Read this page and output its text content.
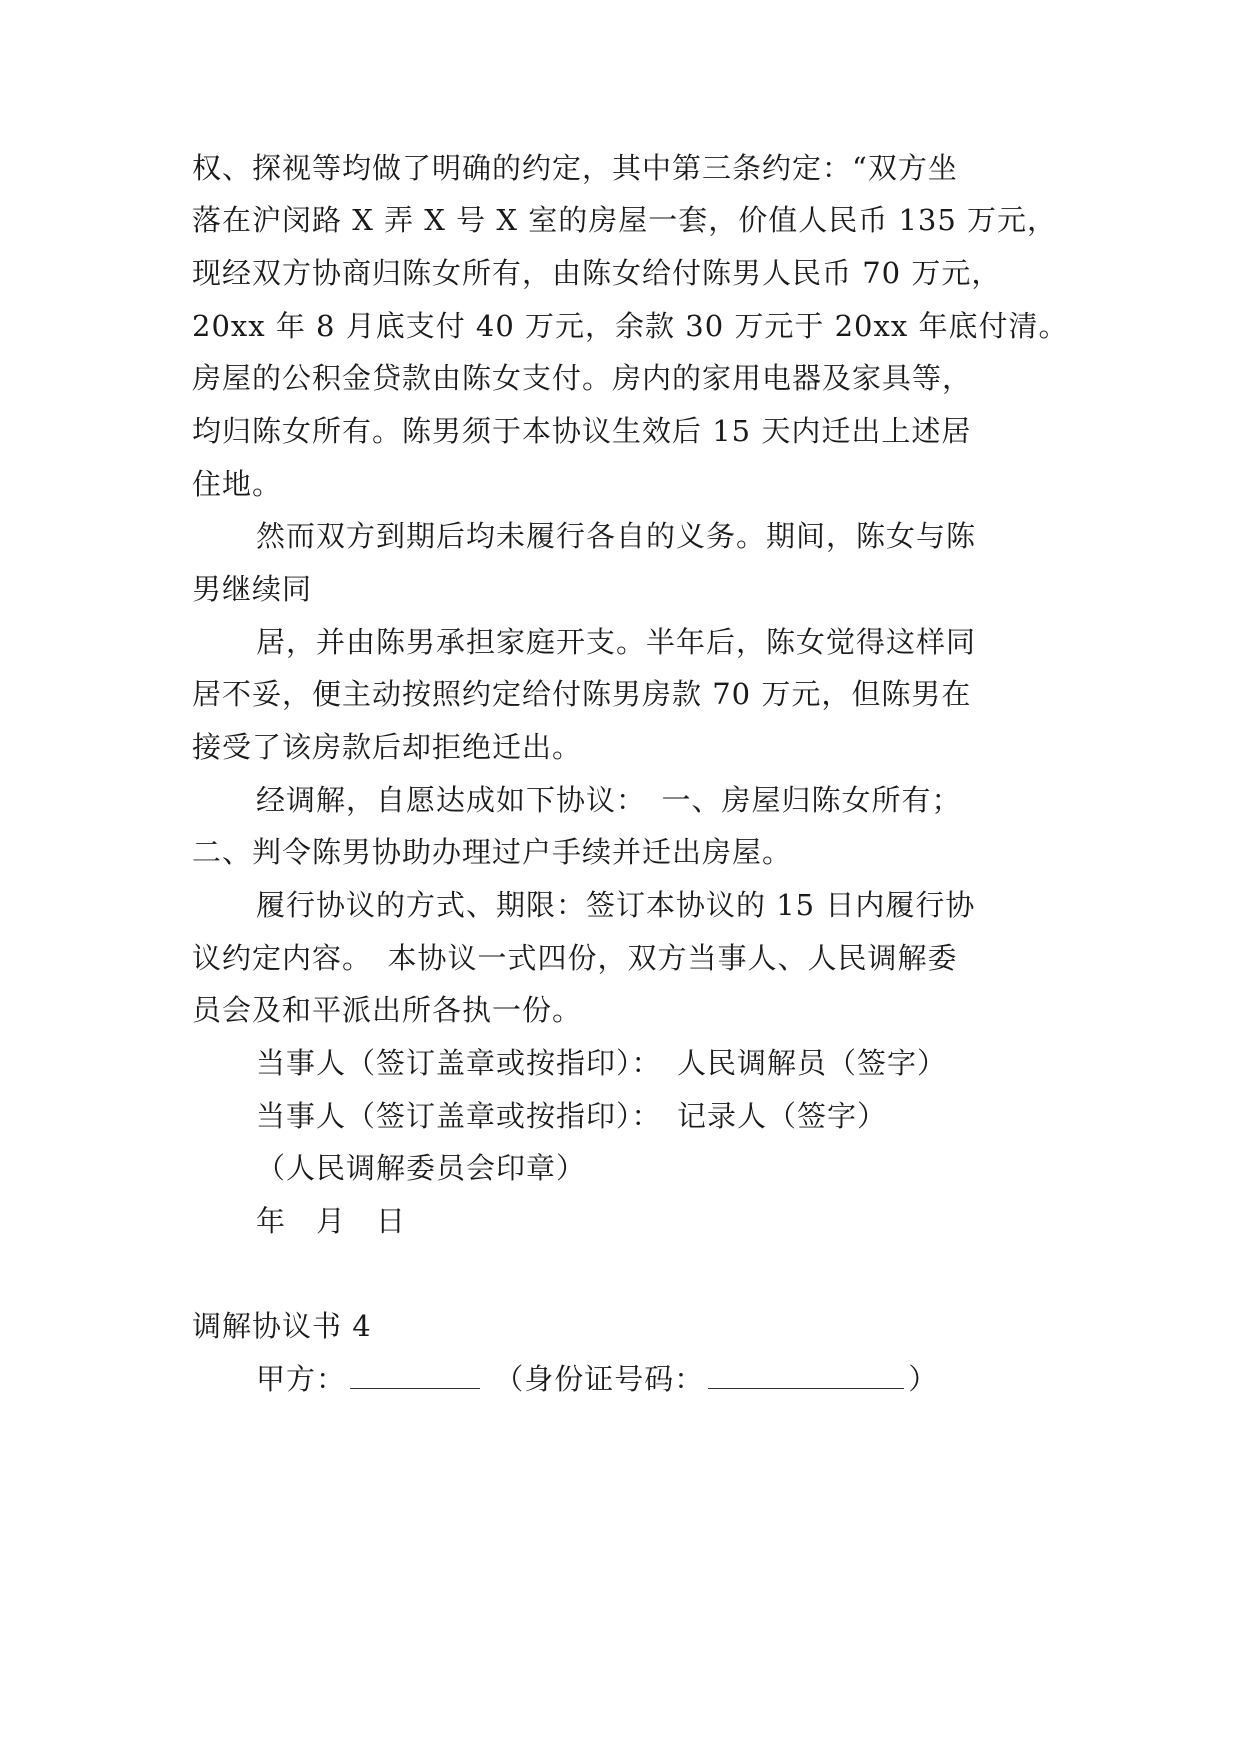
权、探视等均做了明确的约定，其中第三条约定：“双方坐
落在沪闵路 X 弄 X 号 X 室的房屋一套，价值人民币 135 万元，
现经双方协商归陈女所有，由陈女给付陈男人民币 70 万元，
20xx 年 8 月底支付 40 万元，余款 30 万元于 20xx 年底付清。
房屋的公积金贷款由陈女支付。房内的家用电器及家具等，
均归陈女所有。陈男须于本协议生效后 15 天内迁出上述居
住地。
然而双方到期后均未履行各自的义务。期间，陈女与陈
男继续同
居，并由陈男承担家庭开支。半年后，陈女觉得这样同
居不妥，便主动按照约定给付陈男房款 70 万元，但陈男在
接受了该房款后却拒绝迁出。
经调解，自愿达成如下协议：　一、房屋归陈女所有；
二、判令陈男协助办理过户手续并迁出房屋。
履行协议的方式、期限：签订本协议的 15 日内履行协
议约定内容。　本协议一式四份，双方当事人、人民调解委
员会及和平派出所各执一份。
当事人（签订盖章或按指印）：　人民调解员（签字）
当事人（签订盖章或按指印）：　记录人（签字）
（人民调解委员会印章）
年　月　日
调解协议书 4
甲方：	（身份证号码：	）
